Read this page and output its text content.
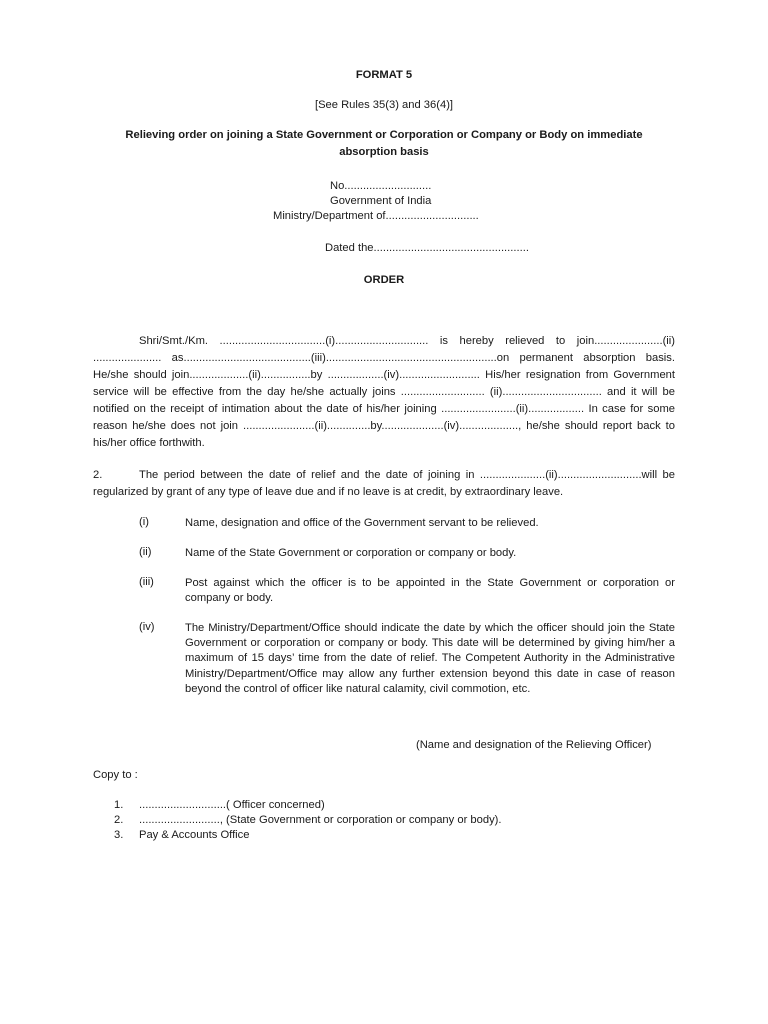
FORMAT 5
[See Rules 35(3) and 36(4)]
Relieving order on joining a State Government or Corporation or Company or Body on immediate
absorption basis
No............................
Government of India
Ministry/Department of..............................
Dated the..................................................
ORDER
Shri/Smt./Km. ..................................(i).............................. is hereby relieved to join......................(ii) ...................... as.........................................(iii).......................................................on permanent absorption basis. He/she should join...................(ii)................by ..................(iv).......................... His/her resignation from Government service will be effective from the day he/she actually joins ........................... (ii)................................ and it will be notified on the receipt of intimation about the date of his/her joining ........................(ii).................. In case for some reason he/she does not join .......................(ii)..............by....................(iv)..................., he/she should report back to his/her office forthwith.
2.	The period between the date of relief and the date of joining in .....................(ii)...........................will be regularized by grant of any type of leave due and if no leave is at credit, by extraordinary leave.
(i)	Name, designation and office of the Government servant to be relieved.
(ii)	Name of the State Government or corporation or company or body.
(iii)	Post against which the officer is to be appointed in the State Government or corporation or company or body.
(iv)	The Ministry/Department/Office should indicate the date by which the officer should join the State Government or corporation or company or body. This date will be determined by giving him/her a maximum of 15 days’ time from the date of relief. The Competent Authority in the Administrative Ministry/Department/Office may allow any further extension beyond this date in case of reason beyond the control of officer like natural calamity, civil commotion, etc.
(Name and designation of the Relieving Officer)
Copy to :
1. ............................( Officer concerned)
2. .........................., (State Government or corporation or company or body).
3. Pay & Accounts Office
